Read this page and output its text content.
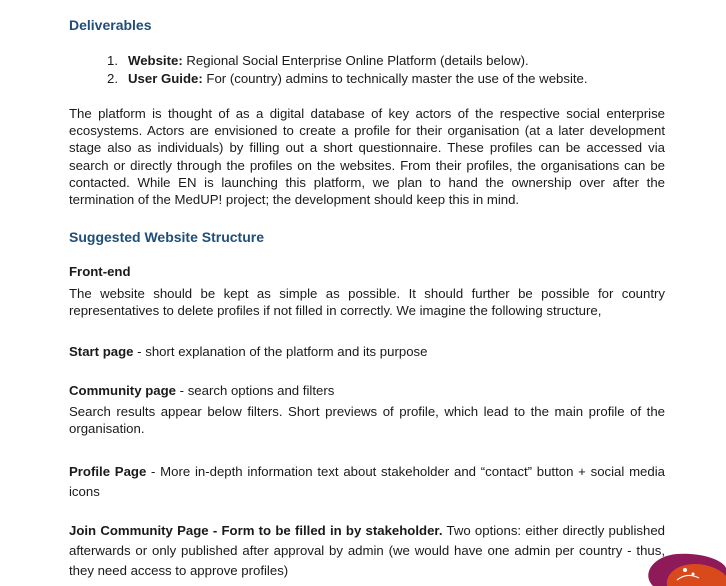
Deliverables
1. Website: Regional Social Enterprise Online Platform (details below).
2. User Guide: For (country) admins to technically master the use of the website.
The platform is thought of as a digital database of key actors of the respective social enterprise ecosystems. Actors are envisioned to create a profile for their organisation (at a later development stage also as individuals) by filling out a short questionnaire. These profiles can be accessed via search or directly through the profiles on the websites. From their profiles, the organisations can be contacted. While EN is launching this platform, we plan to hand the ownership over after the termination of the MedUP! project; the development should keep this in mind.
Suggested Website Structure
Front-end
The website should be kept as simple as possible. It should further be possible for country representatives to delete profiles if not filled in correctly. We imagine the following structure,
Start page - short explanation of the platform and its purpose
Community page - search options and filters
Search results appear below filters. Short previews of profile, which lead to the main profile of the organisation.
Profile Page - More in-depth information text about stakeholder and “contact” button + social media icons
Join Community Page - Form to be filled in by stakeholder. Two options: either directly published afterwards or only published after approval by admin (we would have one admin per country - thus, they need access to approve profiles)
